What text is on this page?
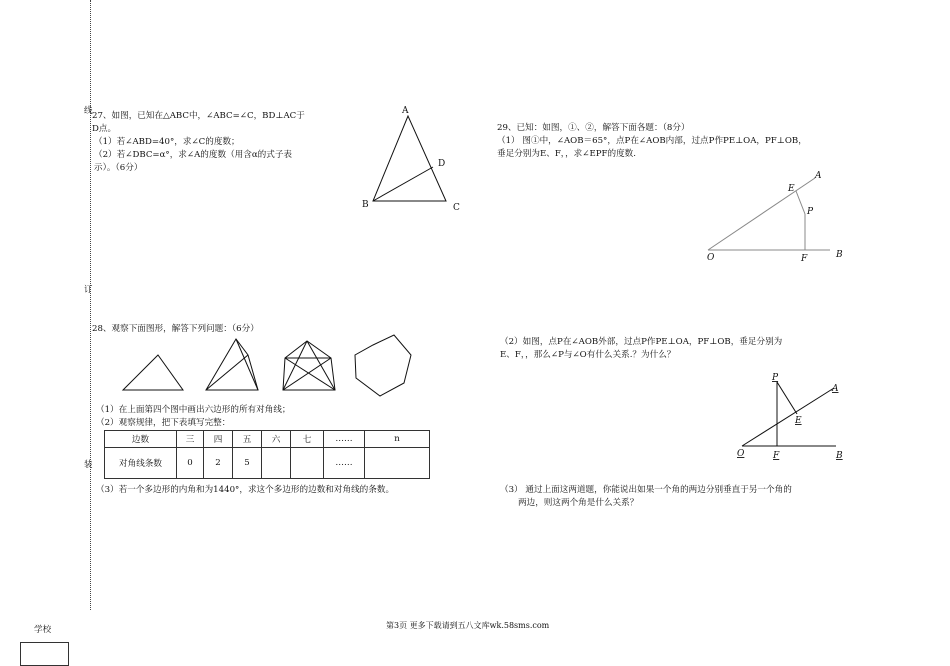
线
订
装
学校
27、如图，已知在△ABC中，∠ABC=∠C，BD⊥AC于
D点。
（1）若∠ABD=40°，求∠C的度数；
（2）若∠DBC=α°，求∠A的度数（用含α的式子表
示）。（6分）
A
B	C
D
28、观察下面图形，解答下列问题：（6分）
（1）在上面第四个图中画出六边形的所有对角线；
（2）观察规律，把下表填写完整：
边数	三	四	五	六	七	……	n
对角线条数	0	2	5			……	
（3）若一个多边形的内角和为1440°，求这个多边形的边数和对角线的条数。
29、已知：如图，①、②，解答下面各题：（8分）
（1） 图①中，∠AOB＝65°，点P在∠AOB内部，过点P作PE⊥OA，PF⊥OB，
垂足分别为E、F，，求∠EPF的度数.
E
A
P
O	F	B
（2）如图，点P在∠AOB外部，过点P作PE⊥OA，PF⊥OB，垂足分别为
E、F，，那么∠P与∠O有什么关系.？为什么？
P
A
E
O	F	B
（3） 通过上面这两道题，你能说出如果一个角的两边分别垂直于另一个角的
两边，则这两个角是什么关系？
第3页 更多下载请到五八文库wk.58sms.com
